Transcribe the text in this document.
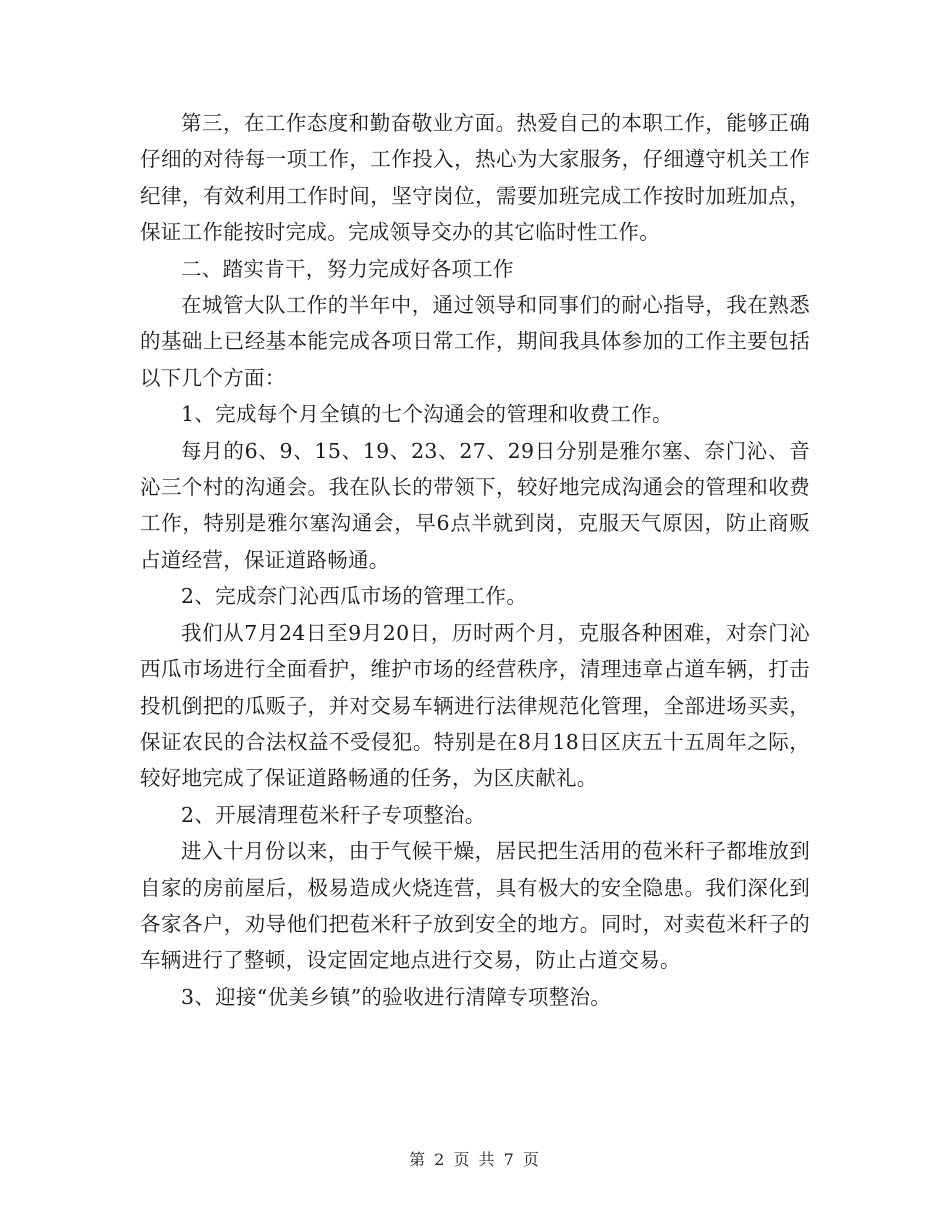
第三，在工作态度和勤奋敬业方面。热爱自己的本职工作，能够正确仔细的对待每一项工作，工作投入，热心为大家服务，仔细遵守机关工作纪律，有效利用工作时间，坚守岗位，需要加班完成工作按时加班加点，保证工作能按时完成。完成领导交办的其它临时性工作。

二、踏实肯干，努力完成好各项工作

在城管大队工作的半年中，通过领导和同事们的耐心指导，我在熟悉的基础上已经基本能完成各项日常工作，期间我具体参加的工作主要包括以下几个方面：

1、完成每个月全镇的七个沟通会的管理和收费工作。

每月的6、9、15、19、23、27、29日分别是雅尔塞、奈门沁、音沁三个村的沟通会。我在队长的带领下，较好地完成沟通会的管理和收费工作，特别是雅尔塞沟通会，早6点半就到岗，克服天气原因，防止商贩占道经营，保证道路畅通。

2、完成奈门沁西瓜市场的管理工作。

我们从7月24日至9月20日，历时两个月，克服各种困难，对奈门沁西瓜市场进行全面看护，维护市场的经营秩序，清理违章占道车辆，打击投机倒把的瓜贩子，并对交易车辆进行法律规范化管理，全部进场买卖，保证农民的合法权益不受侵犯。特别是在8月18日区庆五十五周年之际，较好地完成了保证道路畅通的任务，为区庆献礼。

2、开展清理苞米秆子专项整治。

进入十月份以来，由于气候干燥，居民把生活用的苞米秆子都堆放到自家的房前屋后，极易造成火烧连营，具有极大的安全隐患。我们深化到各家各户，劝导他们把苞米秆子放到安全的地方。同时，对卖苞米秆子的车辆进行了整顿，设定固定地点进行交易，防止占道交易。

3、迎接“优美乡镇”的验收进行清障专项整治。

第 2 页 共 7 页
